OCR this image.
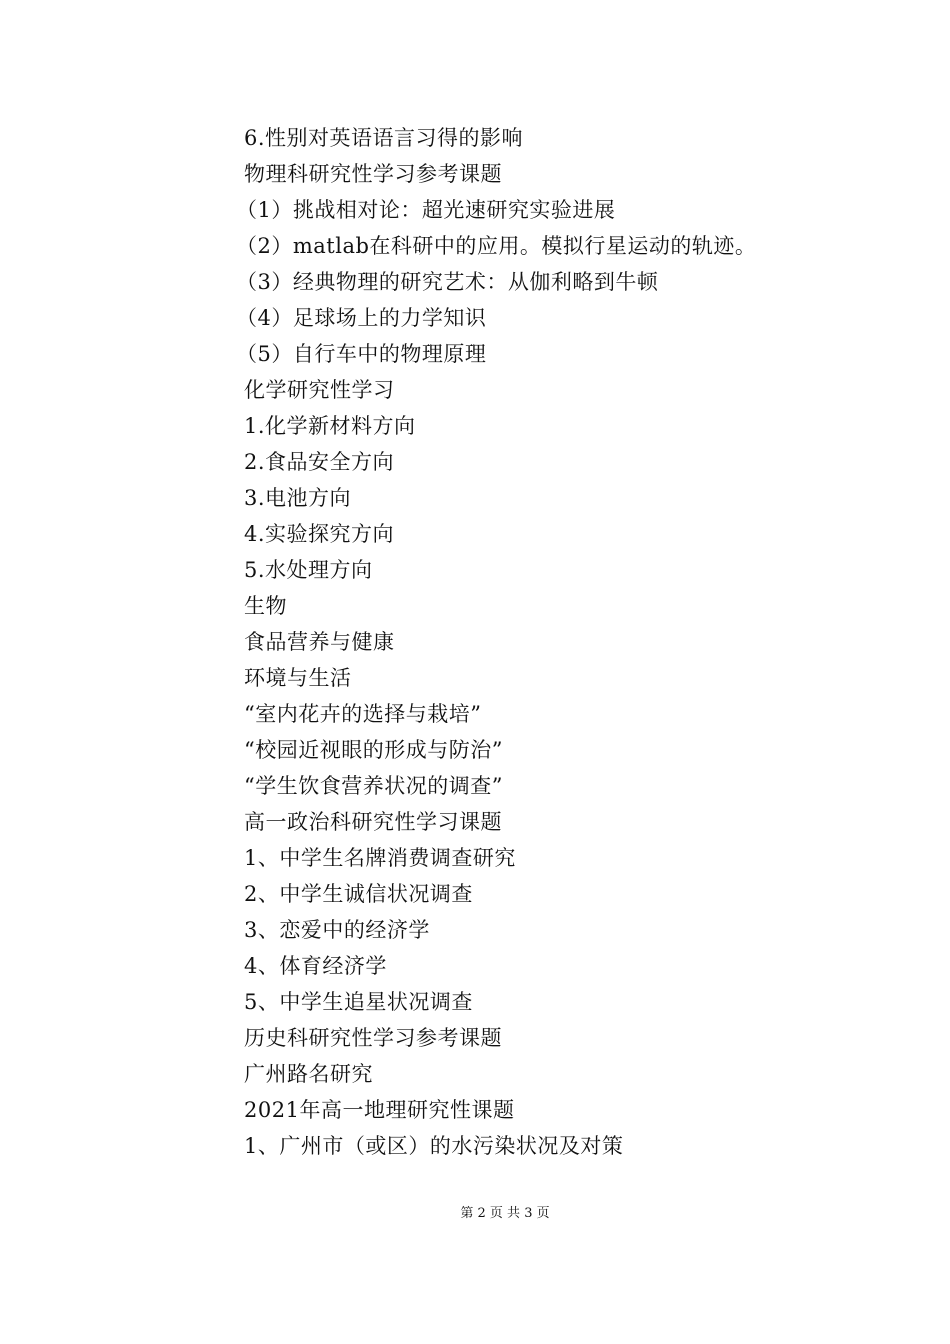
6.性别对英语语言习得的影响
物理科研究性学习参考课题
（1）挑战相对论：超光速研究实验进展
（2）matlab在科研中的应用。模拟行星运动的轨迹。
（3）经典物理的研究艺术：从伽利略到牛顿
（4）足球场上的力学知识
（5）自行车中的物理原理
化学研究性学习
1.化学新材料方向
2.食品安全方向
3.电池方向
4.实验探究方向
5.水处理方向
生物
食品营养与健康
环境与生活
“室内花卉的选择与栽培”
“校园近视眼的形成与防治”
“学生饮食营养状况的调查”
高一政治科研究性学习课题
1、中学生名牌消费调查研究
2、中学生诚信状况调查
3、恋爱中的经济学
4、体育经济学
5、中学生追星状况调查
历史科研究性学习参考课题
广州路名研究
2021年高一地理研究性课题
1、广州市（或区）的水污染状况及对策
第 2 页 共 3 页
